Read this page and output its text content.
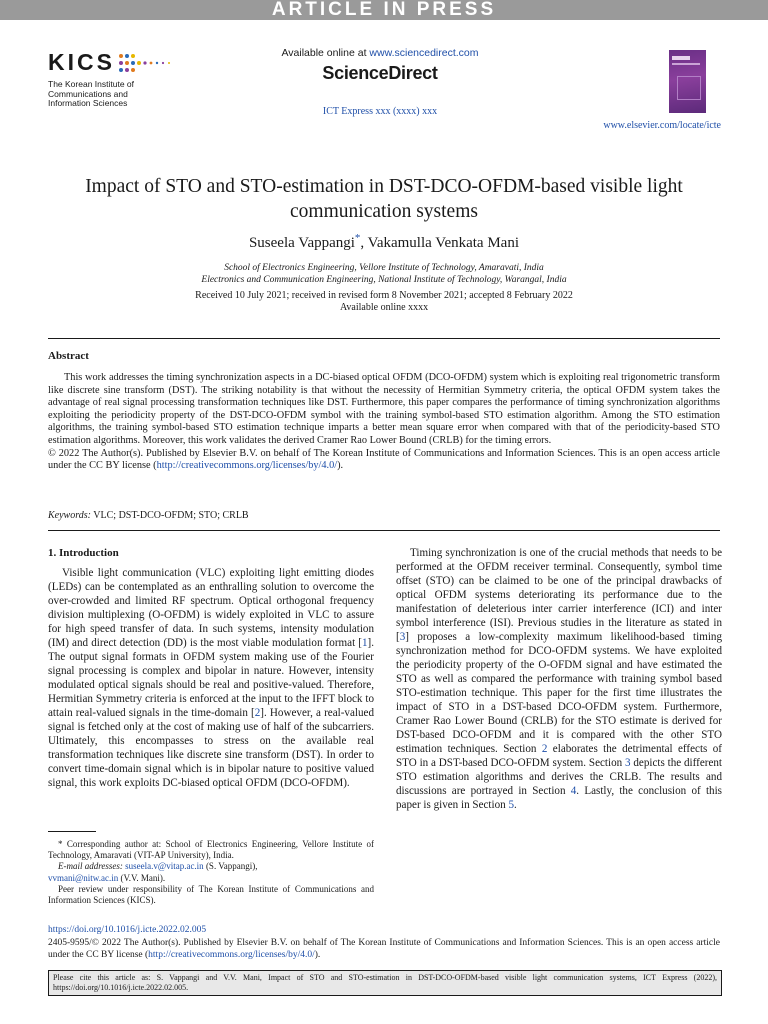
ARTICLE IN PRESS
KICS
The Korean Institute of
Communications and
Information Sciences
Available online at www.sciencedirect.com
ScienceDirect
ICT Express xxx (xxxx) xxx
www.elsevier.com/locate/icte
Impact of STO and STO-estimation in DST-DCO-OFDM-based visible light communication systems
Suseela Vappangi*, Vakamulla Venkata Mani
School of Electronics Engineering, Vellore Institute of Technology, Amaravati, India
Electronics and Communication Engineering, National Institute of Technology, Warangal, India
Received 10 July 2021; received in revised form 8 November 2021; accepted 8 February 2022
Available online xxxx
Abstract

This work addresses the timing synchronization aspects in a DC-biased optical OFDM (DCO-OFDM) system which is exploiting real trigonometric transform like discrete sine transform (DST). The striking notability is that without the necessity of Hermitian Symmetry criteria, the optical OFDM system takes the advantage of real signal processing transformation techniques like DST. Furthermore, this paper compares the performance of timing synchronization algorithms exploiting the periodicity property of the DST-DCO-OFDM symbol with the training symbol-based STO estimation algorithm. Among the STO estimation algorithms, the training symbol-based STO estimation technique imparts a better mean square error when compared with that of the periodicity-based STO estimation algorithms. Moreover, this work validates the derived Cramer Rao Lower Bound (CRLB) for the timing errors.

© 2022 The Author(s). Published by Elsevier B.V. on behalf of The Korean Institute of Communications and Information Sciences. This is an open access article under the CC BY license (http://creativecommons.org/licenses/by/4.0/).
Keywords: VLC; DST-DCO-OFDM; STO; CRLB
1. Introduction

Visible light communication (VLC) exploiting light emitting diodes (LEDs) can be contemplated as an enthralling solution to overcome the over-crowded and limited RF spectrum. Optical orthogonal frequency division multiplexing (O-OFDM) is widely exploited in VLC to assure for high speed transfer of data. In such systems, intensity modulation (IM) and direct detection (DD) is the most viable modulation format [1]. The output signal formats in OFDM system making use of the Fourier signal processing is complex and bipolar in nature. However, intensity modulated optical signals should be real and positive-valued. Therefore, Hermitian Symmetry criteria is enforced at the input to the IFFT block to attain real-valued signals in the time-domain [2]. However, a real-valued signal is fetched only at the cost of making use of half of the subcarriers. Ultimately, this encompasses to stress on the available real transformation techniques like discrete sine transform (DST). In order to convert time-domain signal which is in bipolar nature to positive valued signal, this work exploits DC-biased optical OFDM (DCO-OFDM).

Timing synchronization is one of the crucial methods that needs to be performed at the OFDM receiver terminal. Consequently, symbol time offset (STO) can be claimed to be one of the principal drawbacks of optical OFDM systems deteriorating its performance due to the manifestation of deleterious inter carrier interference (ICI) and inter symbol interference (ISI). Previous studies in the literature as stated in [3] proposes a low-complexity maximum likelihood-based timing synchronization method for DCO-OFDM systems. We have exploited the periodicity property of the O-OFDM signal and have estimated the STO as well as compared the performance with training symbol based STO-estimation technique. This paper for the first time illustrates the impact of STO in a DST-based DCO-OFDM system. Furthermore, Cramer Rao Lower Bound (CRLB) for the STO estimate is derived for DST-based DCO-OFDM and it is compared with the other STO estimation techniques. Section 2 elaborates the detrimental effects of STO in a DST-based DCO-OFDM system. Section 3 depicts the different STO estimation algorithms and derives the CRLB. The results and discussions are portrayed in Section 4. Lastly, the conclusion of this paper is given in Section 5.

* Corresponding author at: School of Electronics Engineering, Vellore Institute of Technology, Amaravati (VIT-AP University), India.

E-mail addresses: suseela.v@vitap.ac.in (S. Vappangi),
vvmani@nitw.ac.in (V.V. Mani).

Peer review under responsibility of The Korean Institute of Communications and Information Sciences (KICS).

https://doi.org/10.1016/j.icte.2022.02.005
2405-9595/© 2022 The Author(s). Published by Elsevier B.V. on behalf of The Korean Institute of Communications and Information Sciences. This is an open access article under the CC BY license (http://creativecommons.org/licenses/by/4.0/).
Please cite this article as: S. Vappangi and V.V. Mani, Impact of STO and STO-estimation in DST-DCO-OFDM-based visible light communication systems, ICT Express (2022), https://doi.org/10.1016/j.icte.2022.02.005.
